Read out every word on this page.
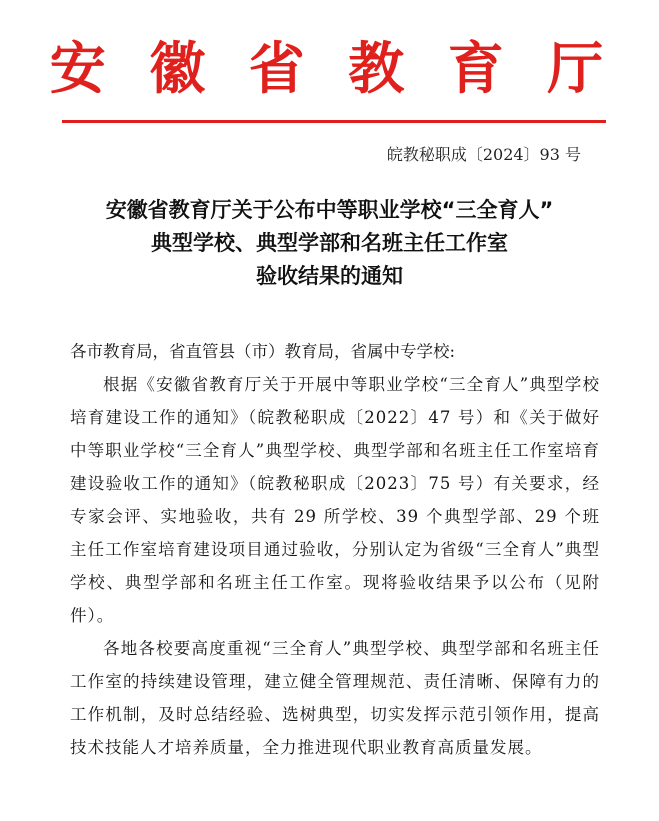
安 徽 省 教 育 厅
皖教秘职成〔2024〕93 号
安徽省教育厅关于公布中等职业学校“三全育人”
典型学校、典型学部和名班主任工作室
验收结果的通知

各市教育局，省直管县（市）教育局，省属中专学校:

根据《安徽省教育厅关于开展中等职业学校“三全育人”典型学校培育建设工作的通知》（皖教秘职成〔2022〕47 号）和《关于做好中等职业学校“三全育人”典型学校、典型学部和名班主任工作室培育建设验收工作的通知》（皖教秘职成〔2023〕75 号）有关要求，经专家会评、实地验收，共有 29 所学校、39 个典型学部、29 个班主任工作室培育建设项目通过验收，分别认定为省级“三全育人”典型学校、典型学部和名班主任工作室。现将验收结果予以公布（见附件）。

各地各校要高度重视“三全育人”典型学校、典型学部和名班主任工作室的持续建设管理，建立健全管理规范、责任清晰、保障有力的工作机制，及时总结经验、选树典型，切实发挥示范引领作用，提高技术技能人才培养质量，全力推进现代职业教育高质量发展。
